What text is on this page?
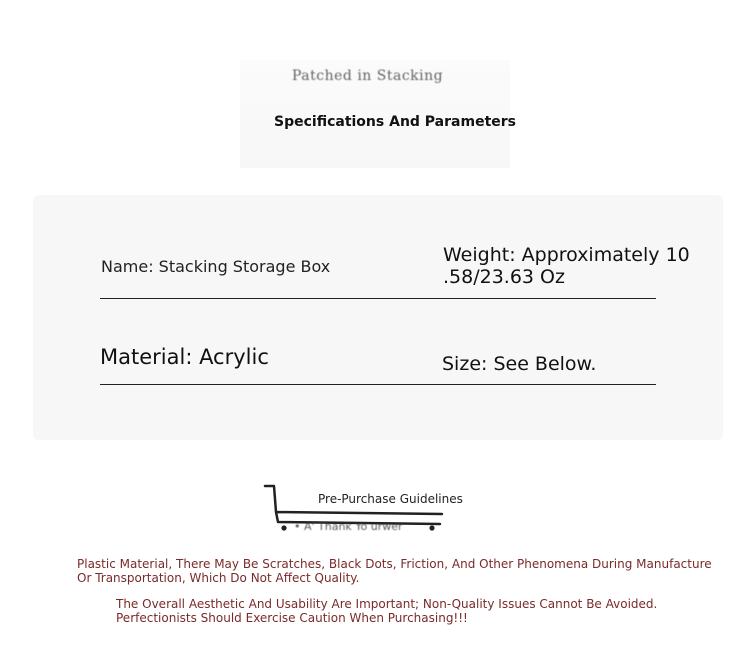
Patched in Stacking
Specifications And Parameters
Name: Stacking Storage Box
Weight: Approximately 10 .58/23.63 Oz
Material: Acrylic	Size: See Below.
Pre-Purchase Guidelines
• A' Thank Yo urwer
Plastic Material, There May Be Scratches, Black Dots, Friction, And Other Phenomena During Manufacture Or Transportation, Which Do Not Affect Quality.
The Overall Aesthetic And Usability Are Important; Non-Quality Issues Cannot Be Avoided. Perfectionists Should Exercise Caution When Purchasing!!!
